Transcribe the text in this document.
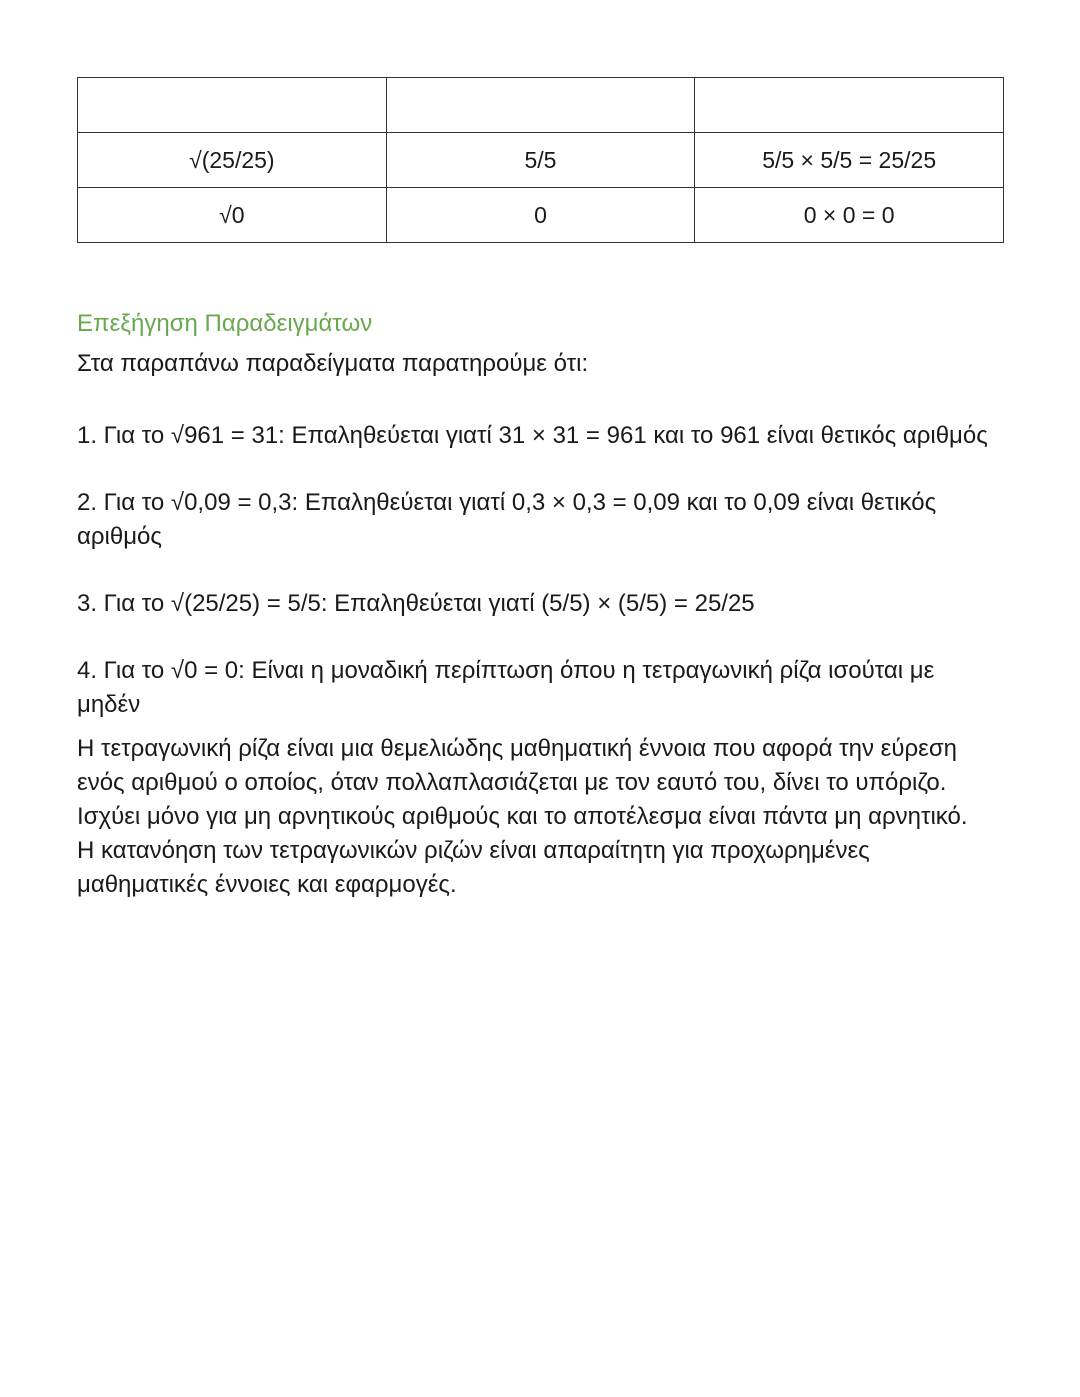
√(25/25)	5/5	5/5 × 5/5 = 25/25
√0	0	0 × 0 = 0
Επεξήγηση Παραδειγμάτων

Στα παραπάνω παραδείγματα παρατηρούμε ότι:

1. Για το √961 = 31: Επαληθεύεται γιατί 31 × 31 = 961 και το 961 είναι θετικός αριθμός
2. Για το √0,09 = 0,3: Επαληθεύεται γιατί 0,3 × 0,3 = 0,09 και το 0,09 είναι θετικός αριθμός
3. Για το √(25/25) = 5/5: Επαληθεύεται γιατί (5/5) × (5/5) = 25/25
4. Για το √0 = 0: Είναι η μοναδική περίπτωση όπου η τετραγωνική ρίζα ισούται με μηδέν

Η τετραγωνική ρίζα είναι μια θεμελιώδης μαθηματική έννοια που αφορά την εύρεση ενός αριθμού ο οποίος, όταν πολλαπλασιάζεται με τον εαυτό του, δίνει το υπόριζο. Ισχύει μόνο για μη αρνητικούς αριθμούς και το αποτέλεσμα είναι πάντα μη αρνητικό. Η κατανόηση των τετραγωνικών ριζών είναι απαραίτητη για προχωρημένες μαθηματικές έννοιες και εφαρμογές.
